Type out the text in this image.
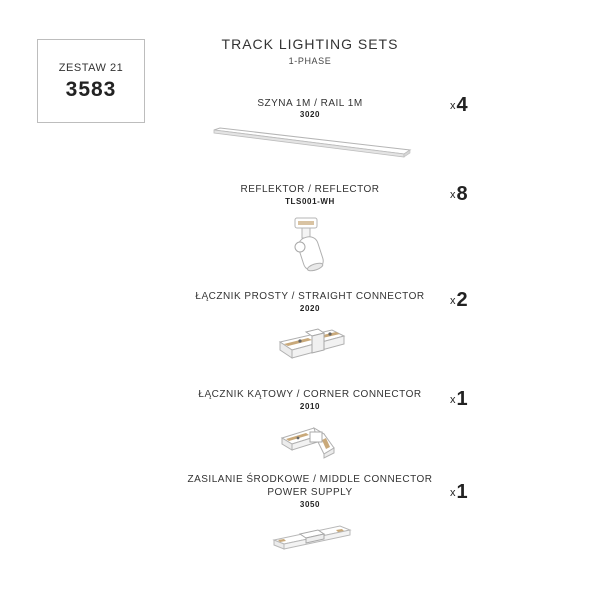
ZESTAW 21
3583
TRACK LIGHTING SETS
1-PHASE
SZYNA 1M / RAIL 1M
3020
x4
REFLEKTOR / REFLECTOR
TLS001-WH
x8
ŁĄCZNIK PROSTY / STRAIGHT CONNECTOR
2020
x2
ŁĄCZNIK KĄTOWY / CORNER CONNECTOR
2010
x1
ZASILANIE ŚRODKOWE / MIDDLE CONNECTOR
POWER SUPPLY
3050
x1
